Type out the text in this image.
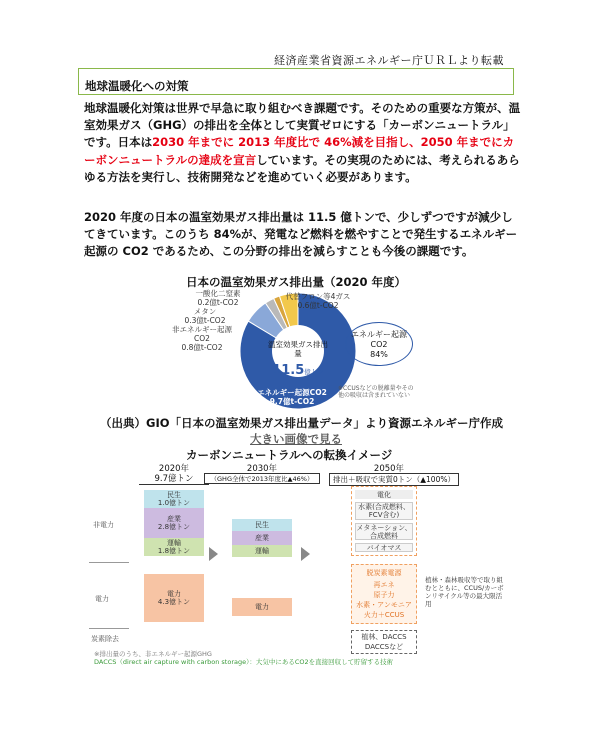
経済産業省資源エネルギー庁ＵＲＬより転載
地球温暖化への対策
地球温暖化対策は世界で早急に取り組むべき課題です。そのための重要な方策が、温室効果ガス（GHG）の排出を全体として実質ゼロにする「カーボンニュートラル」です。日本は2030 年までに 2013 年度比で 46%減を目指し、2050 年までにカーボンニュートラルの達成を宣言しています。その実現のためには、考えられるあらゆる方法を実行し、技術開発などを進めていく必要があります。
2020 年度の日本の温室効果ガス排出量は 11.5 億トンで、少しずつですが減少してきています。このうち 84%が、発電など燃料を燃やすことで発生するエネルギー起源の CO2 であるため、この分野の排出を減らすことも今後の課題です。
日本の温室効果ガス排出量（2020 年度）
温室効果ガス排出量
11.5億トン
一酸化二窒素
0.2億t-CO2
メタン
0.3億t-CO2
非エネルギー起源CO2
0.8億t-CO2
代替フロン等4ガス
0.6億t-CO2
エネルギー起源CO2
9.7億t-CO2
エネルギー起源CO2
84%
※CCUSなどの脱離量やその他の吸収は含まれていない
（出典）GIO「日本の温室効果ガス排出量データ」より資源エネルギー庁作成
大きい画像で見る
カーボンニュートラルへの転換イメージ
2020年
9.7億トン
2030年
（GHG全体で2013年度比▲46%）
2050年
排出＋吸収で実質0トン（▲100%）
非電力
電力
炭素除去
民生
1.0億トン
産業
2.8億トン
運輸
1.8億トン
電力
4.3億トン
民生
産業
運輸
電力
電化
水素(合成燃料、FCV含む)
メタネーション、合成燃料
バイオマス
脱炭素電源
再エネ
原子力
水素・アンモニア
火力＋CCUS
植林・森林吸収等で取り組むとともに、CCUS/カーボンリサイクル等の最大限活用
植林、DACCS
DACCSなど
※排出量のうち、非エネルギー起源GHG
DACCS（direct air capture with carbon storage）：大気中にあるCO2を直接回収して貯留する技術
